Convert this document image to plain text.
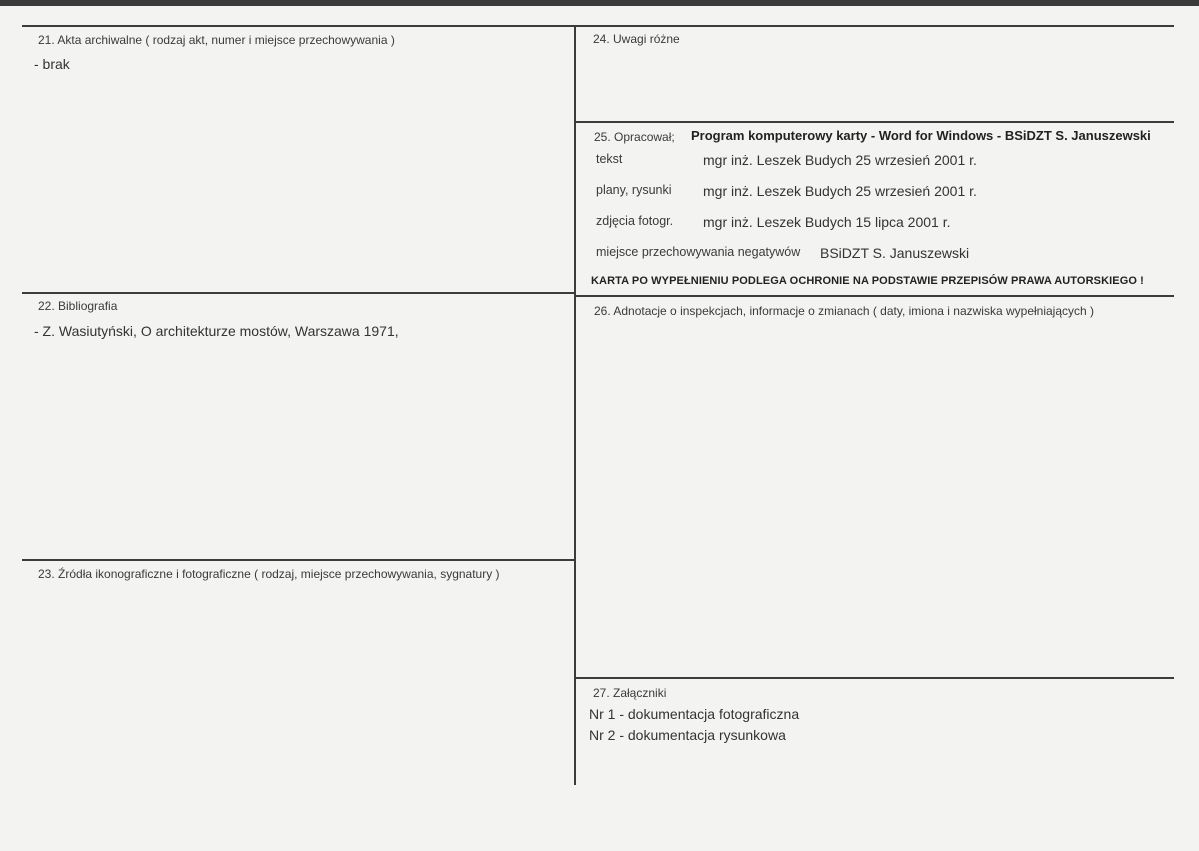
21. Akta archiwalne ( rodzaj akt, numer i miejsce przechowywania )
- brak
22. Bibliografia
- Z. Wasiutyński, O architekturze mostów, Warszawa 1971,
23. Źródła ikonograficzne i fotograficzne ( rodzaj, miejsce przechowywania, sygnatury )
24. Uwagi różne
25. Opracował; Program komputerowy karty - Word for Windows - BSiDZT S. Januszewski
tekst	mgr inż. Leszek Budych 25 wrzesień 2001 r.
plany, rysunki mgr inż. Leszek Budych 25 wrzesień 2001 r.
zdjęcia fotogr. mgr inż. Leszek Budych 15 lipca 2001 r.
miejsce przechowywania negatywów BSiDZT S. Januszewski
KARTA PO WYPEŁNIENIU PODLEGA OCHRONIE NA PODSTAWIE PRZEPISÓW PRAWA AUTORSKIEGO !
26. Adnotacje o inspekcjach, informacje o zmianach ( daty, imiona i nazwiska wypełniających )
27. Załączniki
Nr 1 - dokumentacja fotograficzna
Nr 2 - dokumentacja rysunkowa
